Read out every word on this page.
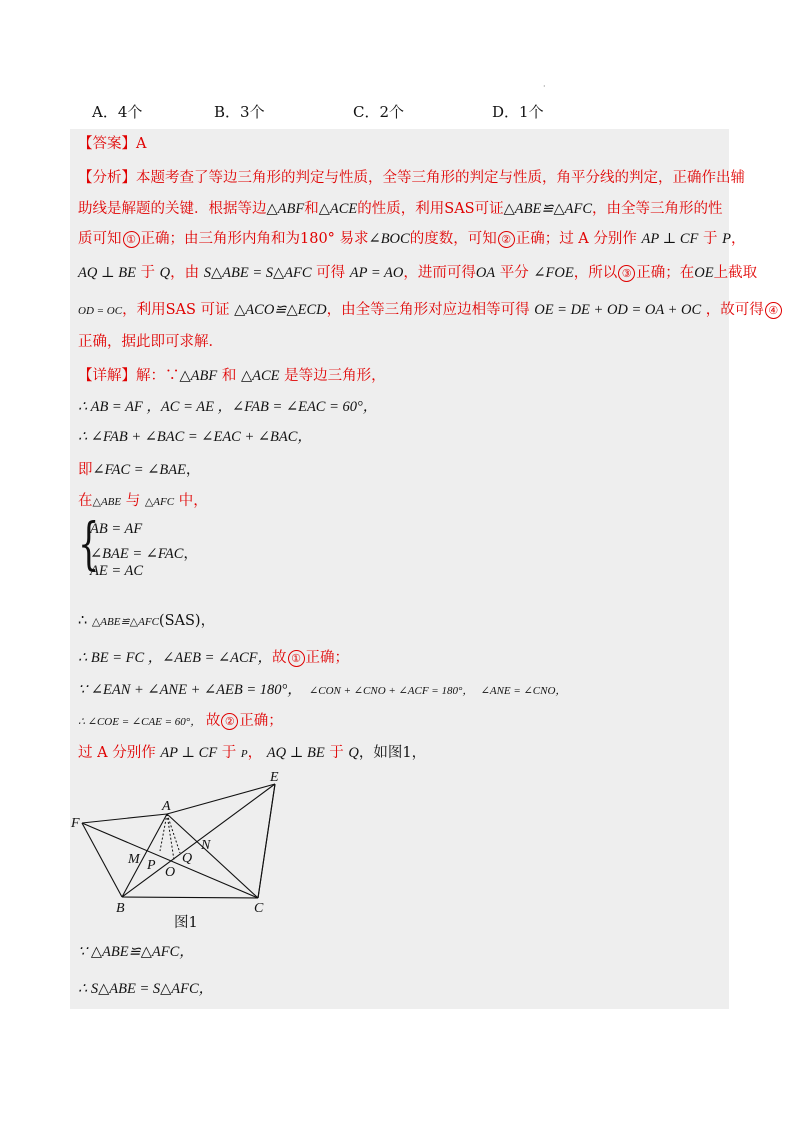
·
A．4个	B．3个	C．2个	D．1个
【答案】A
【分析】本题考查了等边三角形的判定与性质，全等三角形的判定与性质，角平分线的判定，正确作出辅
助线是解题的关键．根据等边△ABF和△ACE的性质，利用SAS可证△ABE≌△AFC，由全等三角形的性
质可知 ① 正确；由三角形内角和为180° 易求∠BOC的度数，可知 ② 正确；过 A 分别作 AP ⊥ CF 于 P，
AQ ⊥ BE 于 Q，由 S△ABE = S△AFC 可得 AP = AO，进而可得OA 平分 ∠FOE，所以 ③ 正确；在OE上截取
OD = OC，利用SAS 可证 △ACO≌△ECD，由全等三角形对应边相等可得 OE = DE + OD = OA + OC ，故可得 ④
正确，据此即可求解．
【详解】解：∵△ABF 和 △ACE 是等边三角形，
∴ AB = AF ，AC = AE ，∠FAB = ∠EAC = 60°，
∴ ∠FAB + ∠BAC = ∠EAC + ∠BAC，
即∠FAC = ∠BAE，
在△ABE 与 △AFC 中，
{
AB = AF
∠BAE = ∠FAC，
AE = AC
∴ △ABE≌△AFC(SAS)，
∴ BE = FC ，∠AEB = ∠ACF，故 ① 正确；
∵ ∠EAN + ∠ANE + ∠AEB = 180°， ∠CON + ∠CNO + ∠ACF = 180°， ∠ANE = ∠CNO，
∴ ∠COE = ∠CAE = 60°， 故 ② 正确；
过 A 分别作 AP ⊥ CF 于 P， AQ ⊥ BE 于 Q，如图1，
E
A
F
M P O
Q
N
B	C
图1
∵ △ABE≌△AFC，
∴ S△ABE = S△AFC，
